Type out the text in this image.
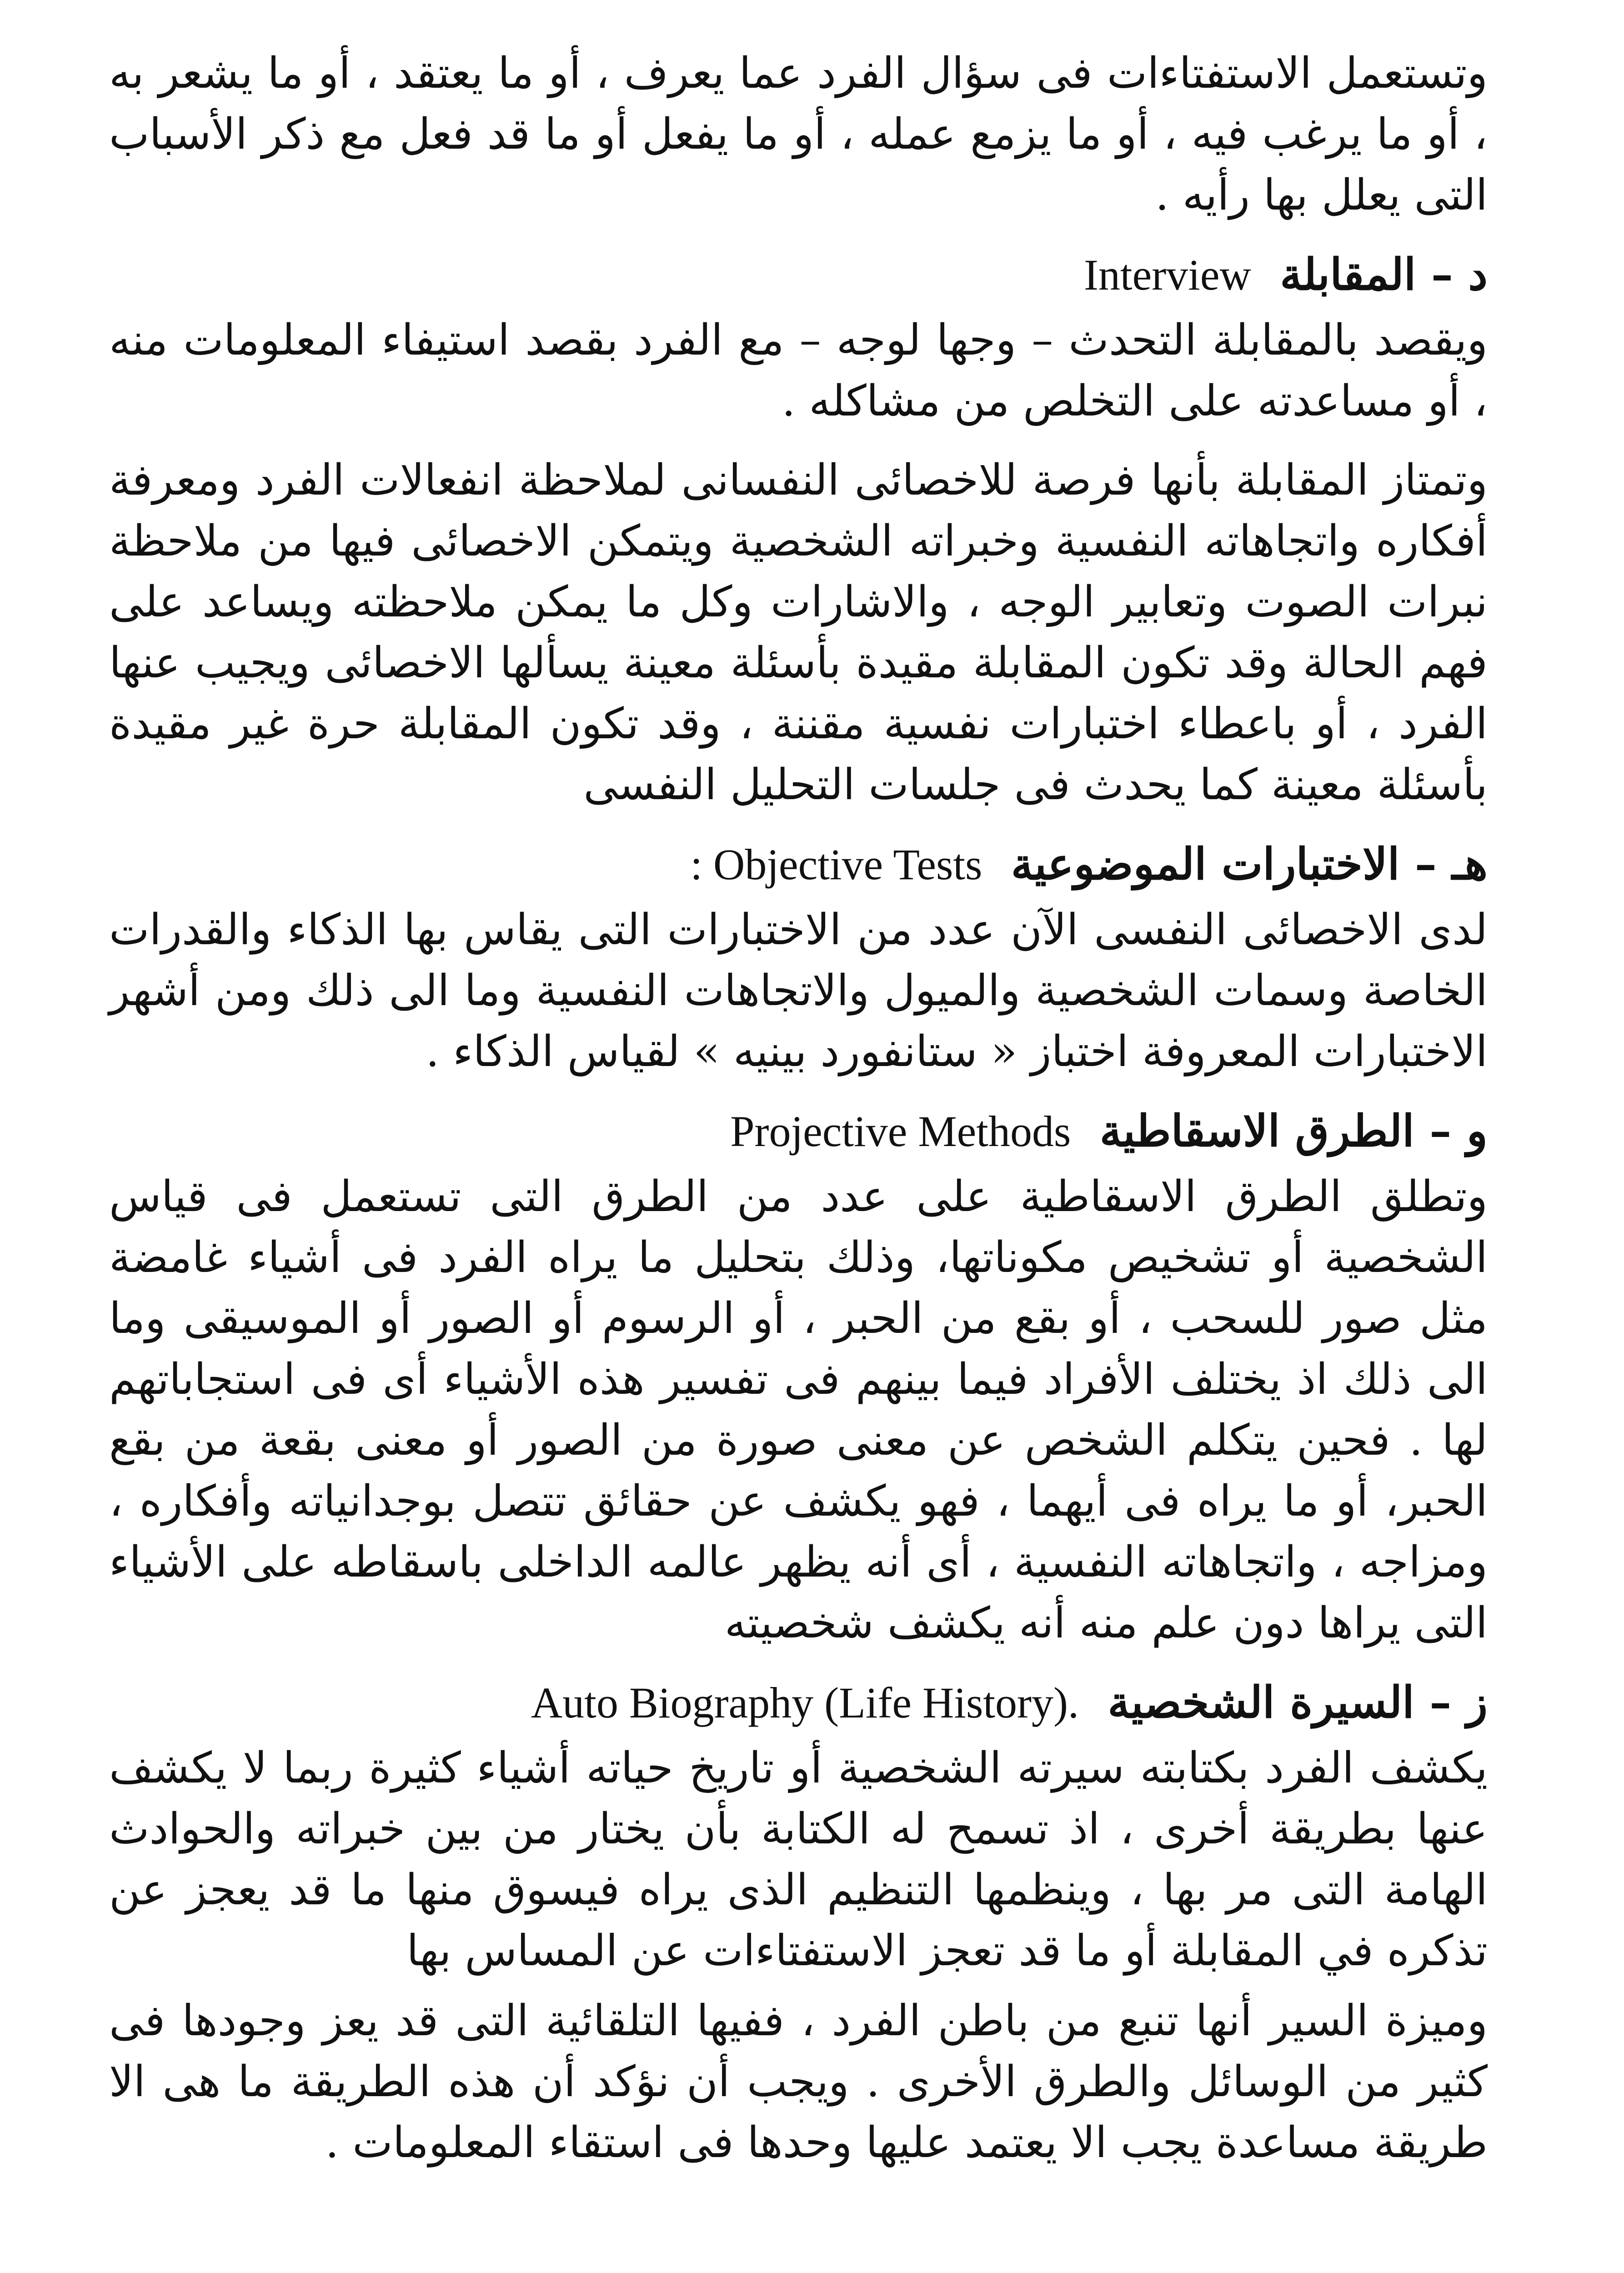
وتستعمل الاستفتاءات فى سؤال الفرد عما يعرف ، أو ما يعتقد ، أو ما يشعر به ، أو ما يرغب فيه ، أو ما يزمع عمله ، أو ما يفعل أو ما قد فعل مع ذكر الأسباب التى يعلل بها رأيه .

د – المقابلة Interview

ويقصد بالمقابلة التحدث – وجها لوجه – مع الفرد بقصد استيفاء المعلومات منه ، أو مساعدته على التخلص من مشاكله .

وتمتاز المقابلة بأنها فرصة للاخصائى النفسانى لملاحظة انفعالات الفرد ومعرفة أفكاره واتجاهاته النفسية وخبراته الشخصية ويتمكن الاخصائى فيها من ملاحظة نبرات الصوت وتعابير الوجه ، والاشارات وكل ما يمكن ملاحظته ويساعد على فهم الحالة وقد تكون المقابلة مقيدة بأسئلة معينة يسألها الاخصائى ويجيب عنها الفرد ، أو باعطاء اختبارات نفسية مقننة ، وقد تكون المقابلة حرة غير مقيدة بأسئلة معينة كما يحدث فى جلسات التحليل النفسى

هـ – الاختبارات الموضوعية : Objective Tests

لدى الاخصائى النفسى الآن عدد من الاختبارات التى يقاس بها الذكاء والقدرات الخاصة وسمات الشخصية والميول والاتجاهات النفسية وما الى ذلك ومن أشهر الاختبارات المعروفة اختباز « ستانفورد بينيه » لقياس الذكاء .

و – الطرق الاسقاطية Projective Methods

وتطلق الطرق الاسقاطية على عدد من الطرق التى تستعمل فى قياس الشخصية أو تشخيص مكوناتها، وذلك بتحليل ما يراه الفرد فى أشياء غامضة مثل صور للسحب ، أو بقع من الحبر ، أو الرسوم أو الصور أو الموسيقى وما الى ذلك اذ يختلف الأفراد فيما بينهم فى تفسير هذه الأشياء أى فى استجاباتهم لها . فحين يتكلم الشخص عن معنى صورة من الصور أو معنى بقعة من بقع الحبر، أو ما يراه فى أيهما ، فهو يكشف عن حقائق تتصل بوجدانياته وأفكاره ، ومزاجه ، واتجاهاته النفسية ، أى أنه يظهر عالمه الداخلى باسقاطه على الأشياء التى يراها دون علم منه أنه يكشف شخصيته

ز – السيرة الشخصية Auto Biography (Life History).

يكشف الفرد بكتابته سيرته الشخصية أو تاريخ حياته أشياء كثيرة ربما لا يكشف عنها بطريقة أخرى ، اذ تسمح له الكتابة بأن يختار من بين خبراته والحوادث الهامة التى مر بها ، وينظمها التنظيم الذى يراه فيسوق منها ما قد يعجز عن تذكره في المقابلة أو ما قد تعجز الاستفتاءات عن المساس بها

وميزة السير أنها تنبع من باطن الفرد ، ففيها التلقائية التى قد يعز وجودها فى كثير من الوسائل والطرق الأخرى . ويجب أن نؤكد أن هذه الطريقة ما هى الا طريقة مساعدة يجب الا يعتمد عليها وحدها فى استقاء المعلومات .
